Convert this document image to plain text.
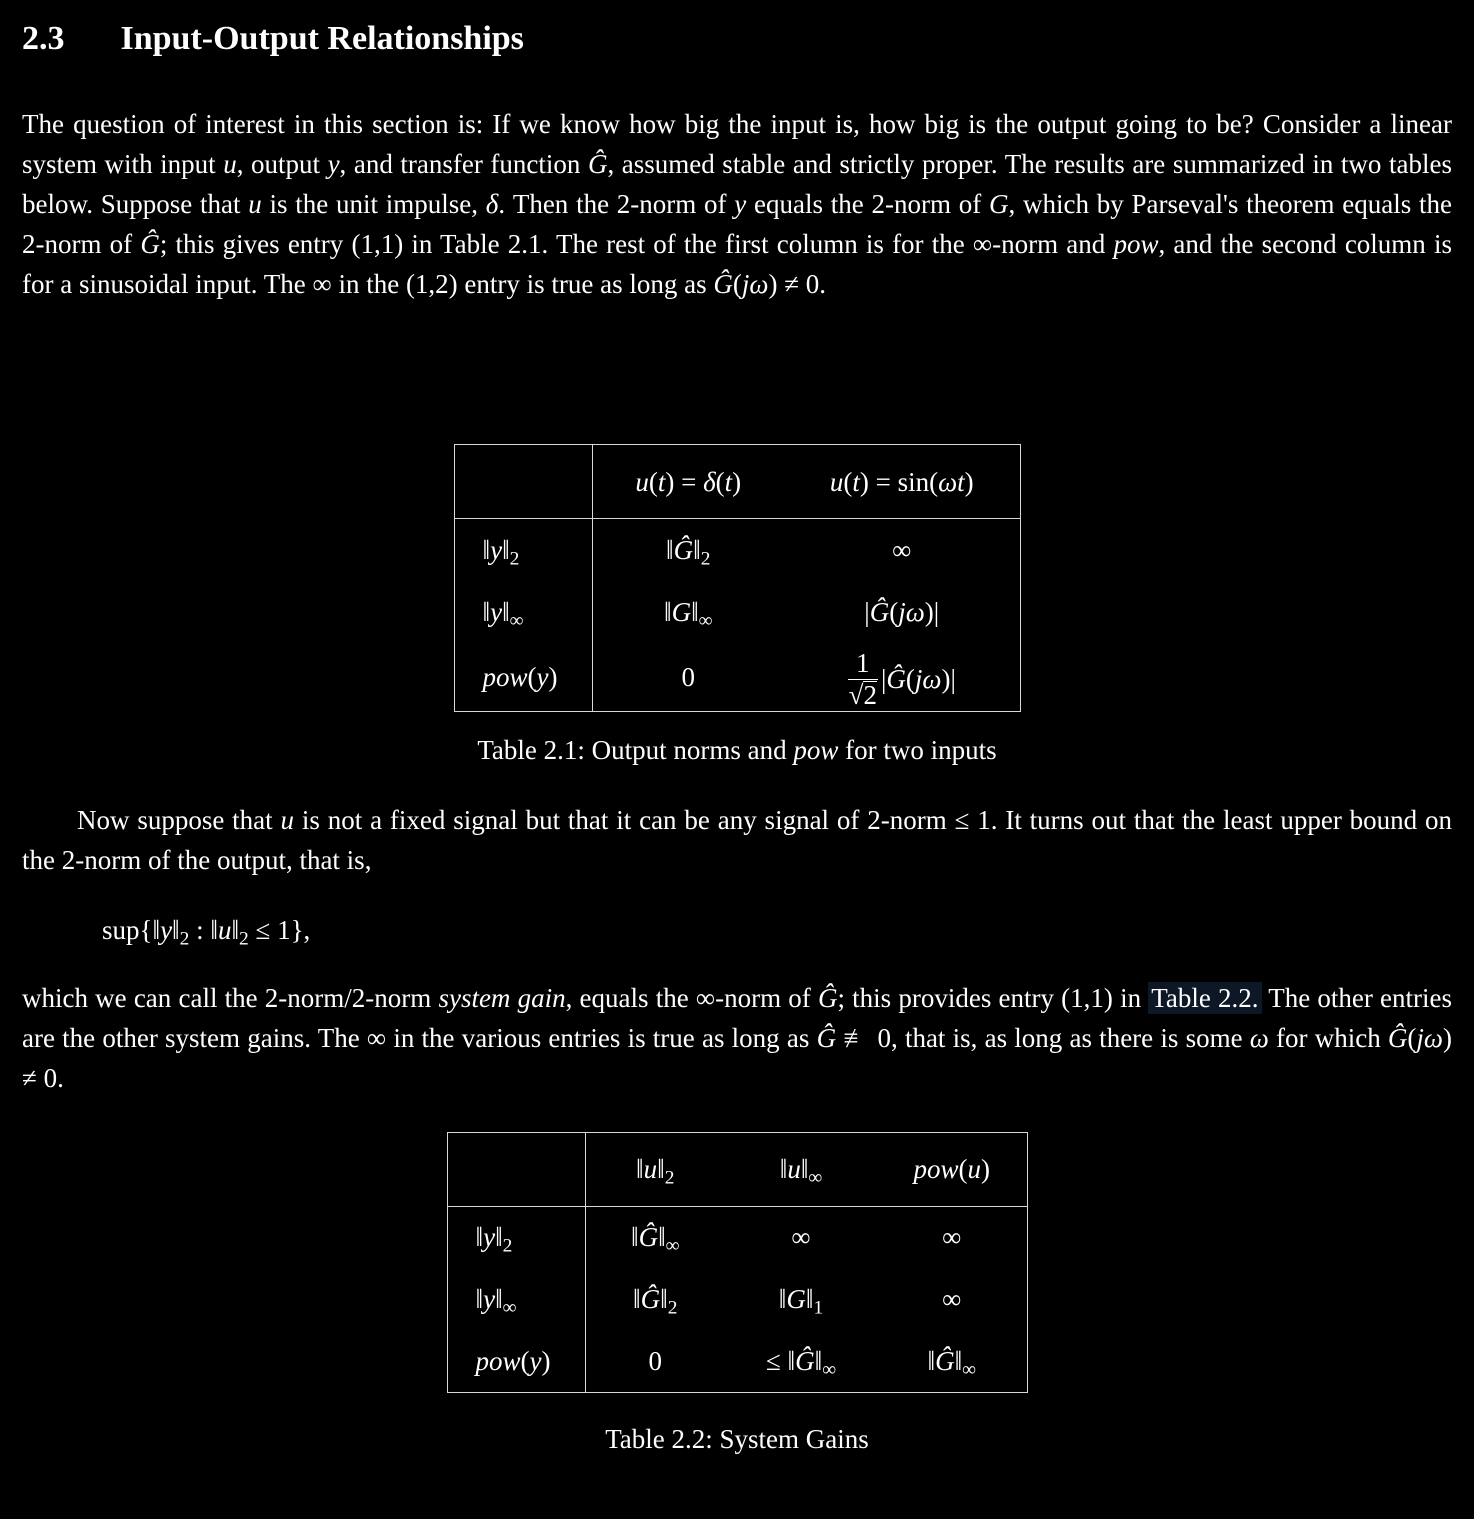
2.3 Input-Output Relationships

The question of interest in this section is: If we know how big the input is, how big is the output going to be? Consider a linear system with input u, output y, and transfer function Ĝ, assumed stable and strictly proper. The results are summarized in two tables below. Suppose that u is the unit impulse, δ. Then the 2-norm of y equals the 2-norm of G, which by Parseval's theorem equals the 2-norm of Ĝ; this gives entry (1,1) in Table 2.1. The rest of the first column is for the ∞-norm and pow, and the second column is for a sinusoidal input. The ∞ in the (1,2) entry is true as long as Ĝ(jω) ≠ 0.

	u(t) = δ(t)	u(t) = sin(ωt)
$‖y‖_2$	$‖Ĝ‖_2$	∞
$‖y‖_\infty$	$‖G‖_\infty$	|Ĝ(jω)|
pow(y)	0	$\frac{1}{√2}$ |Ĝ(jω)|
Table 2.1: Output norms and pow for two inputs

Now suppose that u is not a fixed signal but that it can be any signal of 2-norm ≤ 1. It turns out that the least upper bound on the 2-norm of the output, that is,

$sup\{‖y‖_2$ : $‖u‖_2 \le 1$},

which we can call the 2-norm/2-norm system gain, equals the ∞-norm of Ĝ; this provides entry (1,1) in Table 2.2. The other entries are the other system gains. The ∞ in the various entries is true as long as Ĝ ≢ 0, that is, as long as there is some ω for which Ĝ(jω) ≠ 0.

	$‖u‖_2$	$‖u‖_\infty$	pow(u)
$‖y‖_2$	$‖Ĝ‖_\infty$	∞	∞
$‖y‖_\infty$	$‖Ĝ‖_2$	$‖G‖_1$	∞
pow(y)	0	≤ $‖Ĝ‖_\infty$	$‖Ĝ‖_\infty$
Table 2.2: System Gains
